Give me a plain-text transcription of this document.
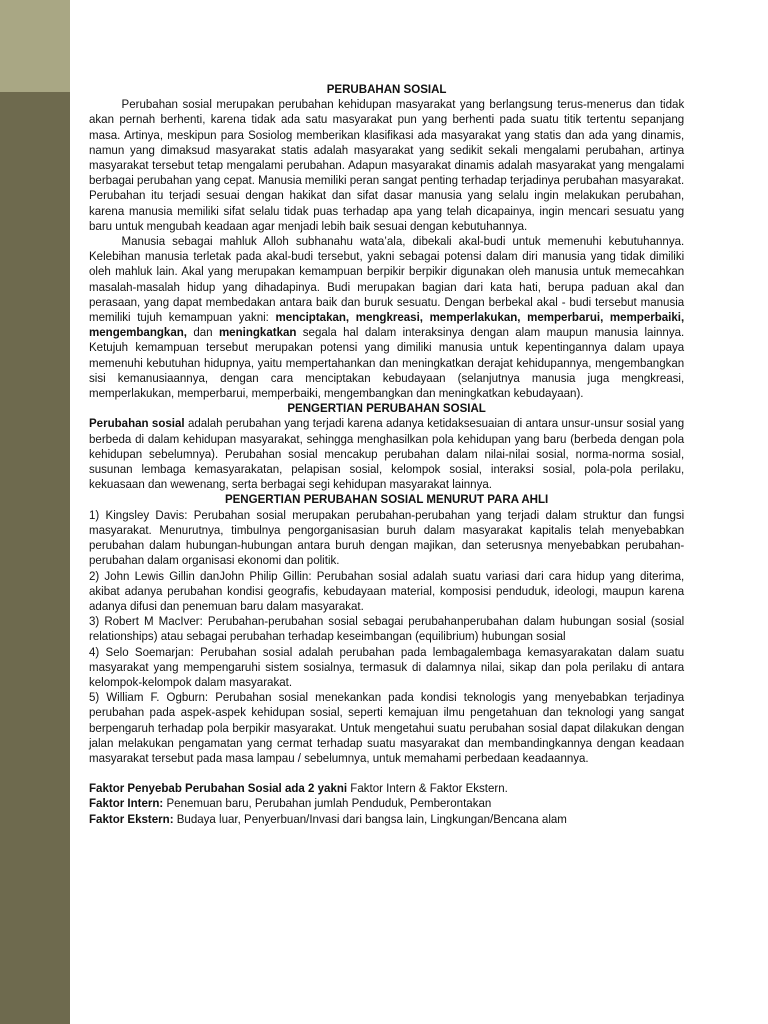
PERUBAHAN SOSIAL
Perubahan sosial merupakan perubahan kehidupan masyarakat yang berlangsung terus-menerus dan tidak akan pernah berhenti, karena tidak ada satu masyarakat pun yang berhenti pada suatu titik tertentu sepanjang masa. Artinya, meskipun para Sosiolog memberikan klasifikasi ada masyarakat yang statis dan ada yang dinamis, namun yang dimaksud masyarakat statis adalah masyarakat yang sedikit sekali mengalami perubahan, artinya masyarakat tersebut tetap mengalami perubahan. Adapun masyarakat dinamis adalah masyarakat yang mengalami berbagai perubahan yang cepat. Manusia memiliki peran sangat penting terhadap terjadinya perubahan masyarakat. Perubahan itu terjadi sesuai dengan hakikat dan sifat dasar manusia yang selalu ingin melakukan perubahan, karena manusia memiliki sifat selalu tidak puas terhadap apa yang telah dicapainya, ingin mencari sesuatu yang baru untuk mengubah keadaan agar menjadi lebih baik sesuai dengan kebutuhannya.
Manusia sebagai mahluk Alloh subhanahu wata’ala, dibekali akal-budi untuk memenuhi kebutuhannya. Kelebihan manusia terletak pada akal-budi tersebut, yakni sebagai potensi dalam diri manusia yang tidak dimiliki oleh mahluk lain. Akal yang merupakan kemampuan berpikir berpikir digunakan oleh manusia untuk memecahkan masalah-masalah hidup yang dihadapinya. Budi merupakan bagian dari kata hati, berupa paduan akal dan perasaan, yang dapat membedakan antara baik dan buruk sesuatu. Dengan berbekal akal - budi tersebut manusia memiliki tujuh kemampuan yakni: menciptakan, mengkreasi, memperlakukan, memperbarui, memperbaiki, mengembangkan, dan meningkatkan segala hal dalam interaksinya dengan alam maupun manusia lainnya. Ketujuh kemampuan tersebut merupakan potensi yang dimiliki manusia untuk kepentingannya dalam upaya memenuhi kebutuhan hidupnya, yaitu mempertahankan dan meningkatkan derajat kehidupannya, mengembangkan sisi kemanusiaannya, dengan cara menciptakan kebudayaan (selanjutnya manusia juga mengkreasi, memperlakukan, memperbarui, memperbaiki, mengembangkan dan meningkatkan kebudayaan).
PENGERTIAN PERUBAHAN SOSIAL
Perubahan sosial adalah perubahan yang terjadi karena adanya ketidaksesuaian di antara unsur-unsur sosial yang berbeda di dalam kehidupan masyarakat, sehingga menghasilkan pola kehidupan yang baru (berbeda dengan pola kehidupan sebelumnya). Perubahan sosial mencakup perubahan dalam nilai-nilai sosial, norma-norma sosial, susunan lembaga kemasyarakatan, pelapisan sosial, kelompok sosial, interaksi sosial, pola-pola perilaku, kekuasaan dan wewenang, serta berbagai segi kehidupan masyarakat lainnya.
PENGERTIAN PERUBAHAN SOSIAL MENURUT PARA AHLI
1) Kingsley Davis: Perubahan sosial merupakan perubahan-perubahan yang terjadi dalam struktur dan fungsi masyarakat. Menurutnya, timbulnya pengorganisasian buruh dalam masyarakat kapitalis telah menyebabkan perubahan dalam hubungan-hubungan antara buruh dengan majikan, dan seterusnya menyebabkan perubahan-perubahan dalam organisasi ekonomi dan politik.
2) John Lewis Gillin danJohn Philip Gillin: Perubahan sosial adalah suatu variasi dari cara hidup yang diterima, akibat adanya perubahan kondisi geografis, kebudayaan material, komposisi penduduk, ideologi, maupun karena adanya difusi dan penemuan baru dalam masyarakat.
3) Robert M MacIver: Perubahan-perubahan sosial sebagai perubahanperubahan dalam hubungan sosial (sosial relationships) atau sebagai perubahan terhadap keseimbangan (equilibrium) hubungan sosial
4) Selo Soemarjan: Perubahan sosial adalah perubahan pada lembagalembaga kemasyarakatan dalam suatu masyarakat yang mempengaruhi sistem sosialnya, termasuk di dalamnya nilai, sikap dan pola perilaku di antara kelompok-kelompok dalam masyarakat.
5) William F. Ogburn: Perubahan sosial menekankan pada kondisi teknologis yang menyebabkan terjadinya perubahan pada aspek-aspek kehidupan sosial, seperti kemajuan ilmu pengetahuan dan teknologi yang sangat berpengaruh terhadap pola berpikir masyarakat. Untuk mengetahui suatu perubahan sosial dapat dilakukan dengan jalan melakukan pengamatan yang cermat terhadap suatu masyarakat dan membandingkannya dengan keadaan masyarakat tersebut pada masa lampau / sebelumnya, untuk memahami perbedaan keadaannya.
Faktor Penyebab Perubahan Sosial ada 2 yakni Faktor Intern & Faktor Ekstern.
Faktor Intern: Penemuan baru, Perubahan jumlah Penduduk, Pemberontakan
Faktor Ekstern: Budaya luar, Penyerbuan/Invasi dari bangsa lain, Lingkungan/Bencana alam
